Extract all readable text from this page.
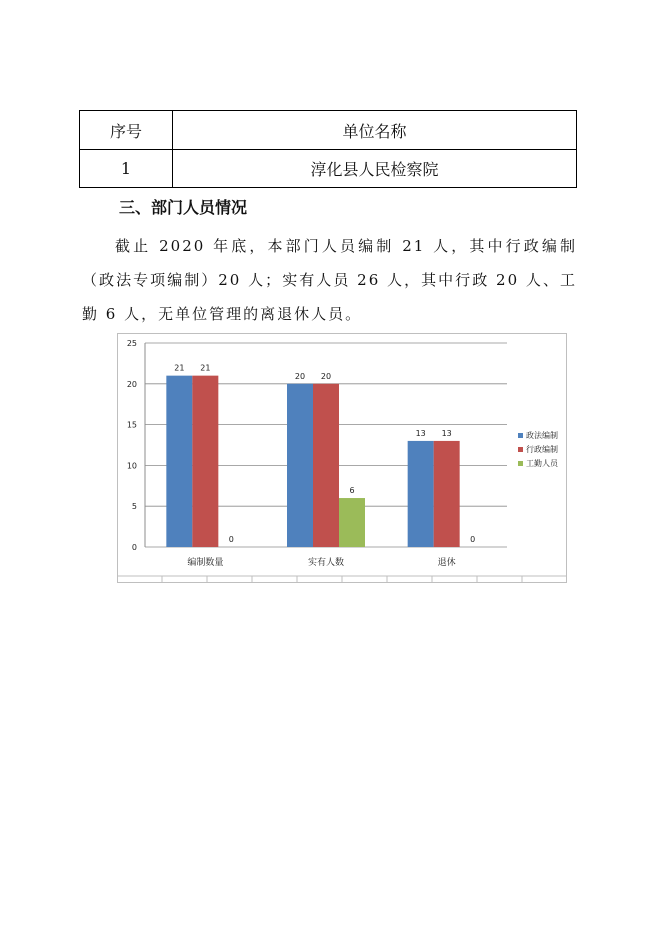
序号	单位名称
1	淳化县人民检察院
三、部门人员情况

截止 2020 年底，本部门人员编制 21 人，其中行政编制（政法专项编制）20 人；实有人员 26 人，其中行政 20 人、工勤 6 人，无单位管理的离退休人员。

0
5
10
15
20
25
21 21
0
编制数量
20 20
6
实有人数
13 13
0
退休
政法编制
行政编制
工勤人员
